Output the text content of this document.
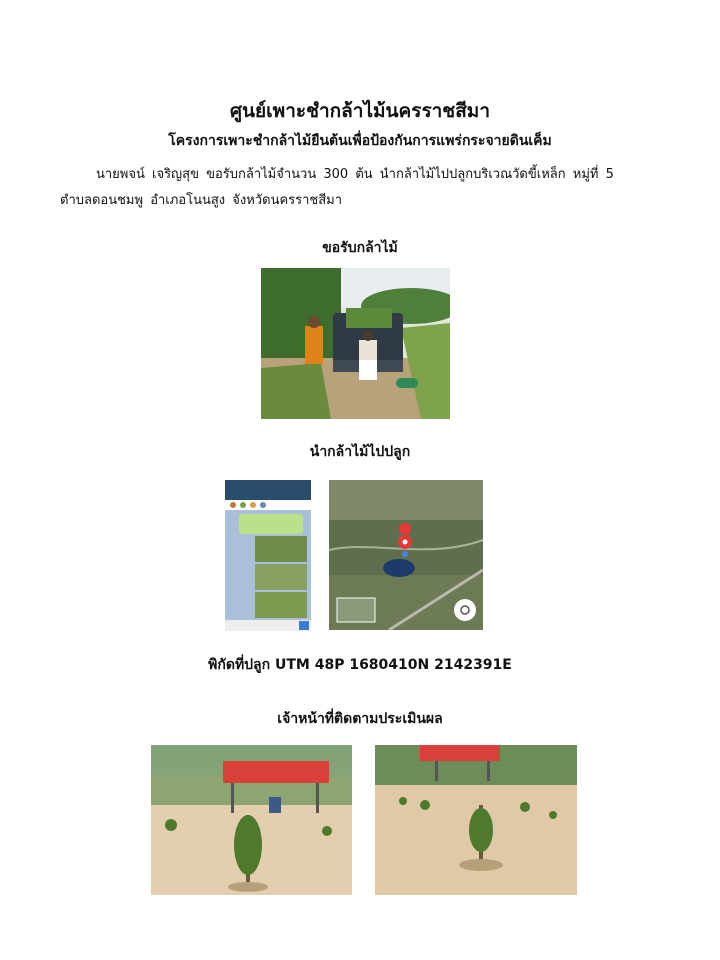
ศูนย์เพาะชำกล้าไม้นครราชสีมา
โครงการเพาะชำกล้าไม้ยืนต้นเพื่อป้องกันการแพร่กระจายดินเค็ม
นายพจน์ เจริญสุข ขอรับกล้าไม้จำนวน 300 ต้น นำกล้าไม้ไปปลูกบริเวณวัดขี้เหล็ก หมู่ที่ 5
ตำบลดอนชมพู อำเภอโนนสูง จังหวัดนครราชสีมา
ขอรับกล้าไม้
นำกล้าไม้ไปปลูก
พิกัดที่ปลูก UTM 48P 1680410N 2142391E
เจ้าหน้าที่ติดตามประเมินผล
